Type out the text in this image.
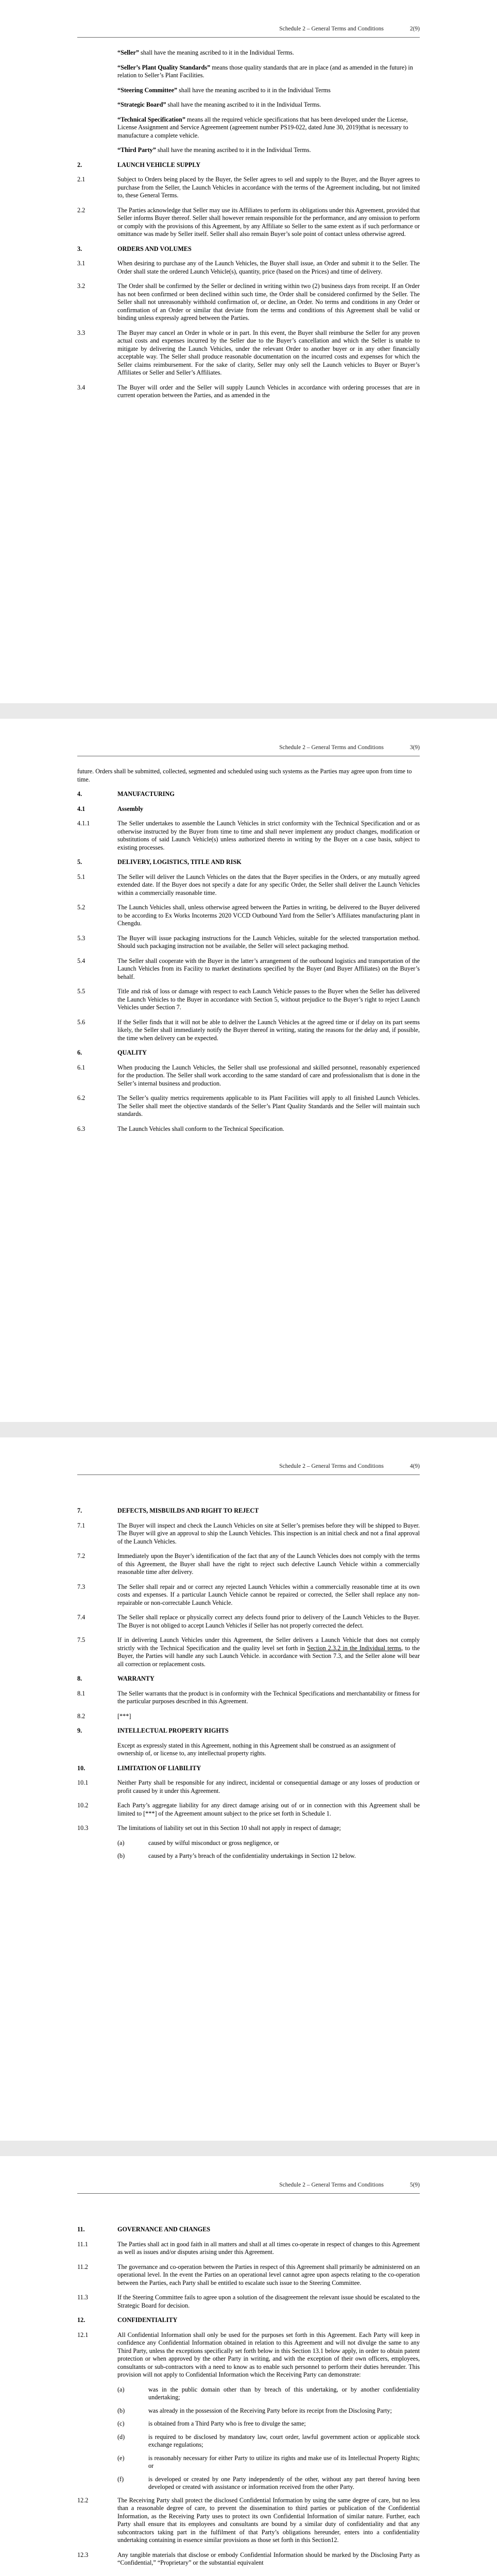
Schedule 2 – General Terms and Conditions	2(9)
“Seller” shall have the meaning ascribed to it in the Individual Terms.
“Seller’s Plant Quality Standards” means those quality standards that are in place (and as amended in the future) in relation to Seller’s Plant Facilities.
“Steering Committee” shall have the meaning ascribed to it in the Individual Terms
“Strategic Board” shall have the meaning ascribed to it in the Individual Terms.
“Technical Specification” means all the required vehicle specifications that has been developed under the License, License Assignment and Service Agreement (agreement number PS19-022, dated June 30, 2019)that is necessary to manufacture a complete vehicle.
“Third Party” shall have the meaning ascribed to it in the Individual Terms.
2.	LAUNCH VEHICLE SUPPLY
2.1	Subject to Orders being placed by the Buyer, the Seller agrees to sell and supply to the Buyer, and the Buyer agrees to purchase from the Seller, the Launch Vehicles in accordance with the terms of the Agreement including, but not limited to, these General Terms.
2.2	The Parties acknowledge that Seller may use its Affiliates to perform its obligations under this Agreement, provided that Seller informs Buyer thereof. Seller shall however remain responsible for the performance, and any omission to perform or comply with the provisions of this Agreement, by any Affiliate so Seller to the same extent as if such performance or omittance was made by Seller itself. Seller shall also remain Buyer’s sole point of contact unless otherwise agreed.
3.	ORDERS AND VOLUMES
3.1	When desiring to purchase any of the Launch Vehicles, the Buyer shall issue, an Order and submit it to the Seller. The Order shall state the ordered Launch Vehicle(s), quantity, price (based on the Prices) and time of delivery.
3.2	The Order shall be confirmed by the Seller or declined in writing within two (2) business days from receipt. If an Order has not been confirmed or been declined within such time, the Order shall be considered confirmed by the Seller. The Seller shall not unreasonably withhold confirmation of, or decline, an Order. No terms and conditions in any Order or confirmation of an Order or similar that deviate from the terms and conditions of this Agreement shall be valid or binding unless expressly agreed between the Parties.
3.3	The Buyer may cancel an Order in whole or in part. In this event, the Buyer shall reimburse the Seller for any proven actual costs and expenses incurred by the Seller due to the Buyer’s cancellation and which the Seller is unable to mitigate by delivering the Launch Vehicles, under the relevant Order to another buyer or in any other financially acceptable way. The Seller shall produce reasonable documentation on the incurred costs and expenses for which the Seller claims reimbursement. For the sake of clarity, Seller may only sell the Launch vehicles to Buyer or Buyer’s Affiliates or Seller and Seller’s Affiliates.
3.4	The Buyer will order and the Seller will supply Launch Vehicles in accordance with ordering processes that are in current operation between the Parties, and as amended in the
Schedule 2 – General Terms and Conditions	3(9)
future. Orders shall be submitted, collected, segmented and scheduled using such systems as the Parties may agree upon from time to time.
4.	MANUFACTURING
4.1	Assembly
4.1.1	The Seller undertakes to assemble the Launch Vehicles in strict conformity with the Technical Specification and or as otherwise instructed by the Buyer from time to time and shall never implement any product changes, modification or substitutions of said Launch Vehicle(s) unless authorized thereto in writing by the Buyer on a case basis, subject to existing processes.
5.	DELIVERY, LOGISTICS, TITLE AND RISK
5.1	The Seller will deliver the Launch Vehicles on the dates that the Buyer specifies in the Orders, or any mutually agreed extended date. If the Buyer does not specify a date for any specific Order, the Seller shall deliver the Launch Vehicles within a commercially reasonable time.
5.2	The Launch Vehicles shall, unless otherwise agreed between the Parties in writing, be delivered to the Buyer delivered to be according to Ex Works Incoterms 2020 VCCD Outbound Yard from the Seller’s Affiliates manufacturing plant in Chengdu.
5.3	The Buyer will issue packaging instructions for the Launch Vehicles, suitable for the selected transportation method. Should such packaging instruction not be available, the Seller will select packaging method.
5.4	The Seller shall cooperate with the Buyer in the latter’s arrangement of the outbound logistics and transportation of the Launch Vehicles from its Facility to market destinations specified by the Buyer (and Buyer Affiliates) on the Buyer’s behalf.
5.5	Title and risk of loss or damage with respect to each Launch Vehicle passes to the Buyer when the Seller has delivered the Launch Vehicles to the Buyer in accordance with Section 5, without prejudice to the Buyer’s right to reject Launch Vehicles under Section 7.
5.6	If the Seller finds that it will not be able to deliver the Launch Vehicles at the agreed time or if delay on its part seems likely, the Seller shall immediately notify the Buyer thereof in writing, stating the reasons for the delay and, if possible, the time when delivery can be expected.
6.	QUALITY
6.1	When producing the Launch Vehicles, the Seller shall use professional and skilled personnel, reasonably experienced for the production. The Seller shall work according to the same standard of care and professionalism that is done in the Seller’s internal business and production.
6.2	The Seller’s quality metrics requirements applicable to its Plant Facilities will apply to all finished Launch Vehicles. The Seller shall meet the objective standards of the Seller’s Plant Quality Standards and the Seller will maintain such standards.
6.3	The Launch Vehicles shall conform to the Technical Specification.
Schedule 2 – General Terms and Conditions	4(9)
7.	DEFECTS, MISBUILDS AND RIGHT TO REJECT
7.1	The Buyer will inspect and check the Launch Vehicles on site at Seller’s premises before they will be shipped to Buyer. The Buyer will give an approval to ship the Launch Vehicles. This inspection is an initial check and not a final approval of the Launch Vehicles.
7.2	Immediately upon the Buyer’s identification of the fact that any of the Launch Vehicles does not comply with the terms of this Agreement, the Buyer shall have the right to reject such defective Launch Vehicle within a commercially reasonable time after delivery.
7.3	The Seller shall repair and or correct any rejected Launch Vehicles within a commercially reasonable time at its own costs and expenses. If a particular Launch Vehicle cannot be repaired or corrected, the Seller shall replace any non-repairable or non-correctable Launch Vehicle.
7.4	The Seller shall replace or physically correct any defects found prior to delivery of the Launch Vehicles to the Buyer. The Buyer is not obliged to accept Launch Vehicles if Seller has not properly corrected the defect.
7.5	If in delivering Launch Vehicles under this Agreement, the Seller delivers a Launch Vehicle that does not comply strictly with the Technical Specification and the quality level set forth in Section 2.3.2 in the Individual terms, to the Buyer, the Parties will handle any such Launch Vehicle. in accordance with Section 7.3, and the Seller alone will bear all correction or replacement costs.
8.	WARRANTY
8.1	The Seller warrants that the product is in conformity with the Technical Specifications and merchantability or fitness for the particular purposes described in this Agreement.
8.2	[***]
9.	INTELLECTUAL PROPERTY RIGHTS
Except as expressly stated in this Agreement, nothing in this Agreement shall be construed as an assignment of ownership of, or license to, any intellectual property rights.
10.	LIMITATION OF LIABILITY
10.1	Neither Party shall be responsible for any indirect, incidental or consequential damage or any losses of production or profit caused by it under this Agreement.
10.2	Each Party’s aggregate liability for any direct damage arising out of or in connection with this Agreement shall be limited to [***] of the Agreement amount subject to the price set forth in Schedule 1.
10.3	The limitations of liability set out in this Section 10 shall not apply in respect of damage;
(a)	caused by wilful misconduct or gross negligence, or
(b)	caused by a Party’s breach of the confidentiality undertakings in Section 12 below.
Schedule 2 – General Terms and Conditions	5(9)
11.	GOVERNANCE AND CHANGES
11.1	The Parties shall act in good faith in all matters and shall at all times co-operate in respect of changes to this Agreement as well as issues and/or disputes arising under this Agreement.
11.2	The governance and co-operation between the Parties in respect of this Agreement shall primarily be administered on an operational level. In the event the Parties on an operational level cannot agree upon aspects relating to the co-operation between the Parties, each Party shall be entitled to escalate such issue to the Steering Committee.
11.3	If the Steering Committee fails to agree upon a solution of the disagreement the relevant issue should be escalated to the Strategic Board for decision.
12.	CONFIDENTIALITY
12.1	All Confidential Information shall only be used for the purposes set forth in this Agreement. Each Party will keep in confidence any Confidential Information obtained in relation to this Agreement and will not divulge the same to any Third Party, unless the exceptions specifically set forth below in this Section 13.1 below apply, in order to obtain patent protection or when approved by the other Party in writing, and with the exception of their own officers, employees, consultants or sub-contractors with a need to know as to enable such personnel to perform their duties hereunder. This provision will not apply to Confidential Information which the Receiving Party can demonstrate:
(a)	was in the public domain other than by breach of this undertaking, or by another confidentiality undertaking;
(b)	was already in the possession of the Receiving Party before its receipt from the Disclosing Party;
(c)	is obtained from a Third Party who is free to divulge the same;
(d)	is required to be disclosed by mandatory law, court order, lawful government action or applicable stock exchange regulations;
(e)	is reasonably necessary for either Party to utilize its rights and make use of its Intellectual Property Rights; or
(f)	is developed or created by one Party independently of the other, without any part thereof having been developed or created with assistance or information received from the other Party.
12.2	The Receiving Party shall protect the disclosed Confidential Information by using the same degree of care, but no less than a reasonable degree of care, to prevent the dissemination to third parties or publication of the Confidential Information, as the Receiving Party uses to protect its own Confidential Information of similar nature. Further, each Party shall ensure that its employees and consultants are bound by a similar duty of confidentiality and that any subcontractors taking part in the fulfilment of that Party’s obligations hereunder, enters into a confidentiality undertaking containing in essence similar provisions as those set forth in this Section12.
12.3	Any tangible materials that disclose or embody Confidential Information should be marked by the Disclosing Party as “Confidential,” “Proprietary” or the substantial equivalent
